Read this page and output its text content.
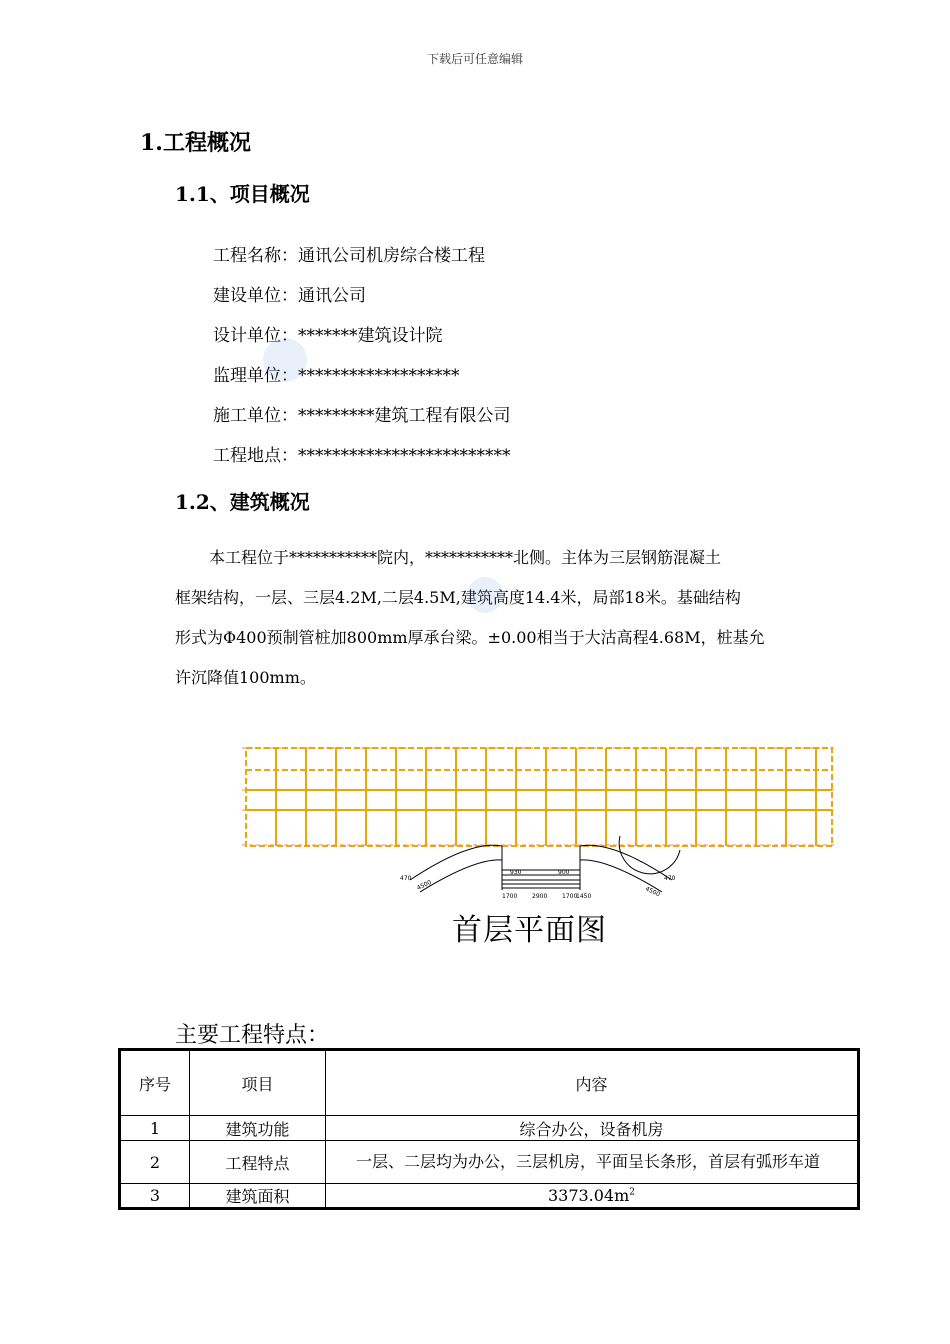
下载后可任意编辑
1.工程概况
1.1、项目概况
工程名称：通讯公司机房综合楼工程
建设单位：通讯公司
设计单位：*******建筑设计院
监理单位：*******************
施工单位：*********建筑工程有限公司
工程地点：*************************
1.2、建筑概况
本工程位于***********院内，***********北侧。主体为三层钢筋混凝土
框架结构，一层、三层4.2M,二层4.5M,建筑高度14.4米，局部18米。基础结构
形式为Φ400预制管桩加800mm厚承台梁。±0.00相当于大沽高程4.68M，桩基允
许沉降值100mm。
930	900
4500
4500
1700 2900 1700
1450
470	470
首层平面图
主要工程特点：
序号	项目	内容
1	建筑功能	综合办公，设备机房
2	工程特点	一层、二层均为办公，三层机房，平面呈长条形，首层有弧形车道
3	建筑面积	$3373.04m^2$
